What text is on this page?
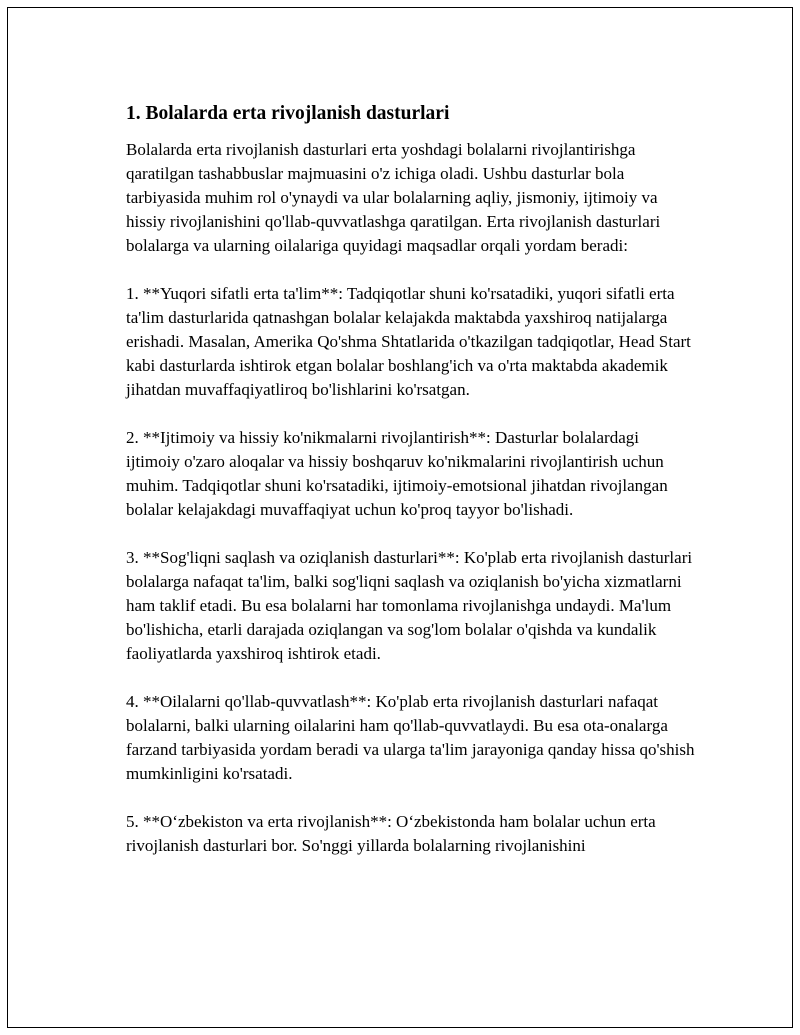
1. Bolalarda erta rivojlanish dasturlari

Bolalarda erta rivojlanish dasturlari erta yoshdagi bolalarni rivojlantirishga qaratilgan tashabbuslar majmuasini o'z ichiga oladi. Ushbu dasturlar bola tarbiyasida muhim rol o'ynaydi va ular bolalarning aqliy, jismoniy, ijtimoiy va hissiy rivojlanishini qo'llab-quvvatlashga qaratilgan. Erta rivojlanish dasturlari bolalarga va ularning oilalariga quyidagi maqsadlar orqali yordam beradi:

1. **Yuqori sifatli erta ta'lim**: Tadqiqotlar shuni ko'rsatadiki, yuqori sifatli erta ta'lim dasturlarida qatnashgan bolalar kelajakda maktabda yaxshiroq natijalarga erishadi. Masalan, Amerika Qo'shma Shtatlarida o'tkazilgan tadqiqotlar, Head Start kabi dasturlarda ishtirok etgan bolalar boshlang'ich va o'rta maktabda akademik jihatdan muvaffaqiyatliroq bo'lishlarini ko'rsatgan.

2. **Ijtimoiy va hissiy ko'nikmalarni rivojlantirish**: Dasturlar bolalardagi ijtimoiy o'zaro aloqalar va hissiy boshqaruv ko'nikmalarini rivojlantirish uchun muhim. Tadqiqotlar shuni ko'rsatadiki, ijtimoiy-emotsional jihatdan rivojlangan bolalar kelajakdagi muvaffaqiyat uchun ko'proq tayyor bo'lishadi.

3. **Sog'liqni saqlash va oziqlanish dasturlari**: Ko'plab erta rivojlanish dasturlari bolalarga nafaqat ta'lim, balki sog'liqni saqlash va oziqlanish bo'yicha xizmatlarni ham taklif etadi. Bu esa bolalarni har tomonlama rivojlanishga undaydi. Ma'lum bo'lishicha, etarli darajada oziqlangan va sog'lom bolalar o'qishda va kundalik faoliyatlarda yaxshiroq ishtirok etadi.

4. **Oilalarni qo'llab-quvvatlash**: Ko'plab erta rivojlanish dasturlari nafaqat bolalarni, balki ularning oilalarini ham qo'llab-quvvatlaydi. Bu esa ota-onalarga farzand tarbiyasida yordam beradi va ularga ta'lim jarayoniga qanday hissa qo'shish mumkinligini ko'rsatadi.

5. **O‘zbekiston va erta rivojlanish**: O‘zbekistonda ham bolalar uchun erta rivojlanish dasturlari bor. So'nggi yillarda bolalarning rivojlanishini
